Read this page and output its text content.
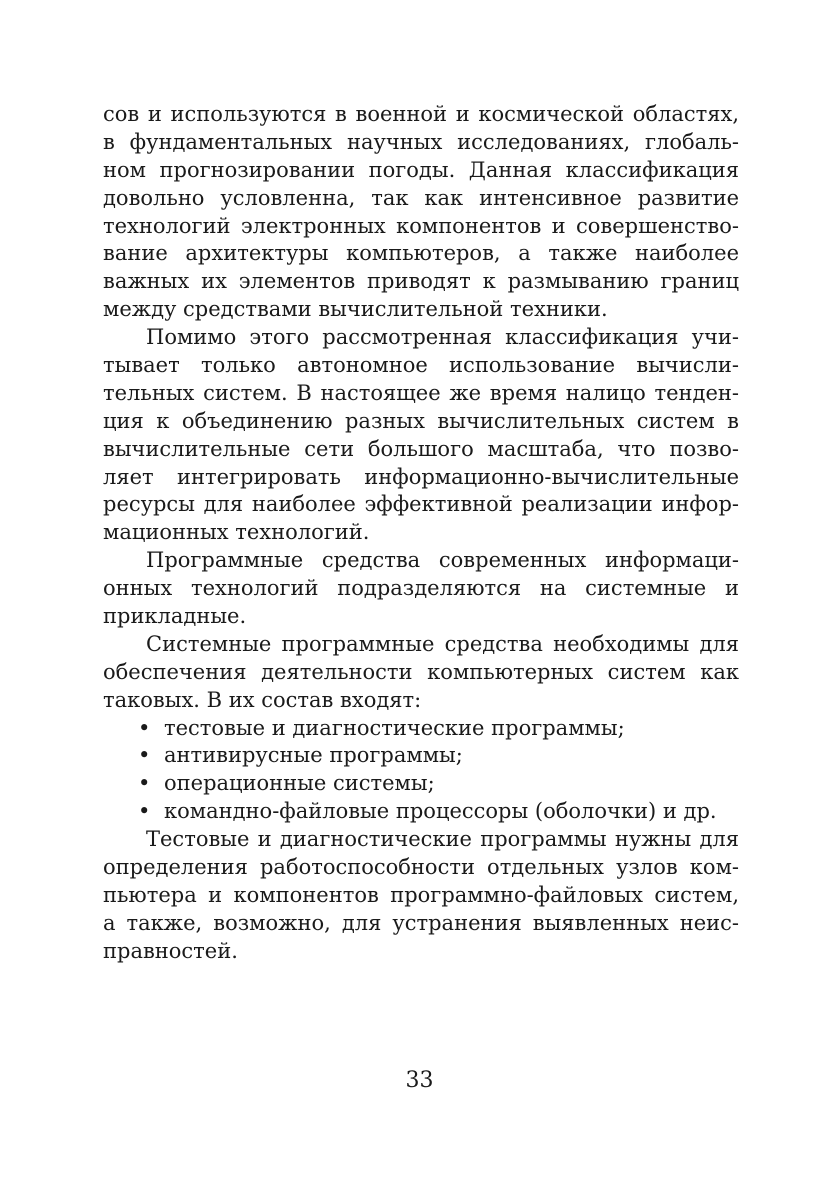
сов и используются в военной и космической областях,
в фундаментальных научных исследованиях, глобаль-
ном прогнозировании погоды. Данная классификация
довольно условленна, так как интенсивное развитие
технологий электронных компонентов и совершенство-
вание архитектуры компьютеров, а также наиболее
важных их элементов приводят к размыванию границ
между средствами вычислительной техники.
Помимо этого рассмотренная классификация учи-
тывает только автономное использование вычисли-
тельных систем. В настоящее же время налицо тенден-
ция к объединению разных вычислительных систем в
вычислительные сети большого масштаба, что позво-
ляет интегрировать информационно-вычислительные
ресурсы для наиболее эффективной реализации инфор-
мационных технологий.
Программные средства современных информаци-
онных технологий подразделяются на системные и
прикладные.
Системные программные средства необходимы для
обеспечения деятельности компьютерных систем как
таковых. В их состав входят:
• тестовые и диагностические программы;
• антивирусные программы;
• операционные системы;
• командно-файловые процессоры (оболочки) и др.
Тестовые и диагностические программы нужны для
определения работоспособности отдельных узлов ком-
пьютера и компонентов программно-файловых систем,
а также, возможно, для устранения выявленных неис-
правностей.
33
